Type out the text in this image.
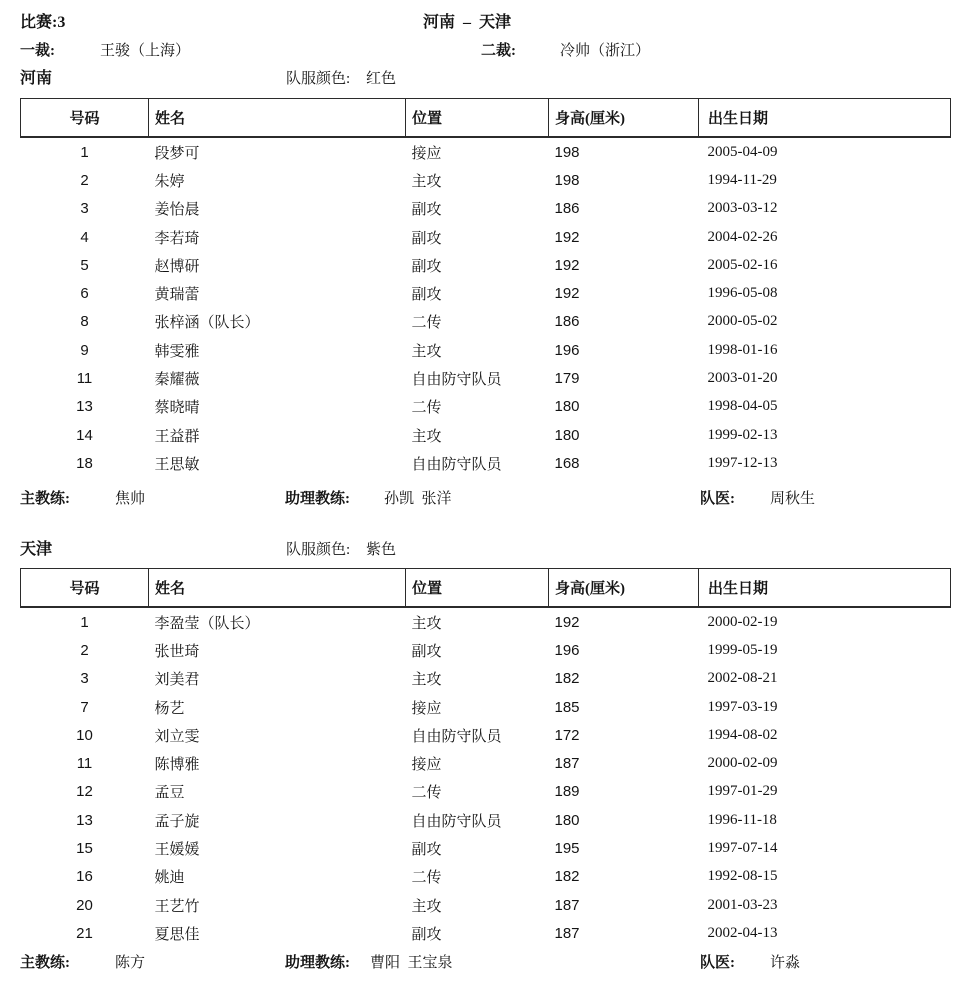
比赛:3	河南  –  天津
一裁:	王骏（上海）	二裁:	冷帅（浙江）
河南	队服颜色: 红色
号码	姓名	位置	身高(厘米)	出生日期
1	段梦可	接应	198	2005-04-09
2	朱婷	主攻	198	1994-11-29
3	姜怡晨	副攻	186	2003-03-12
4	李若琦	副攻	192	2004-02-26
5	赵博研	副攻	192	2005-02-16
6	黄瑞蕾	副攻	192	1996-05-08
8	张梓涵（队长）	二传	186	2000-05-02
9	韩雯雅	主攻	196	1998-01-16
11	秦耀薇	自由防守队员	179	2003-01-20
13	蔡晓晴	二传	180	1998-04-05
14	王益群	主攻	180	1999-02-13
18	王思敏	自由防守队员	168	1997-12-13
主教练:	焦帅	助理教练: 孙凯  张洋	队医: 周秋生
天津	队服颜色: 紫色
号码	姓名	位置	身高(厘米)	出生日期
1	李盈莹（队长）	主攻	192	2000-02-19
2	张世琦	副攻	196	1999-05-19
3	刘美君	主攻	182	2002-08-21
7	杨艺	接应	185	1997-03-19
10	刘立雯	自由防守队员	172	1994-08-02
11	陈博雅	接应	187	2000-02-09
12	孟豆	二传	189	1997-01-29
13	孟子旋	自由防守队员	180	1996-11-18
15	王媛媛	副攻	195	1997-07-14
16	姚迪	二传	182	1992-08-15
20	王艺竹	主攻	187	2001-03-23
21	夏思佳	副攻	187	2002-04-13
主教练:	陈方	助理教练: 曹阳  王宝泉	队医: 许淼
